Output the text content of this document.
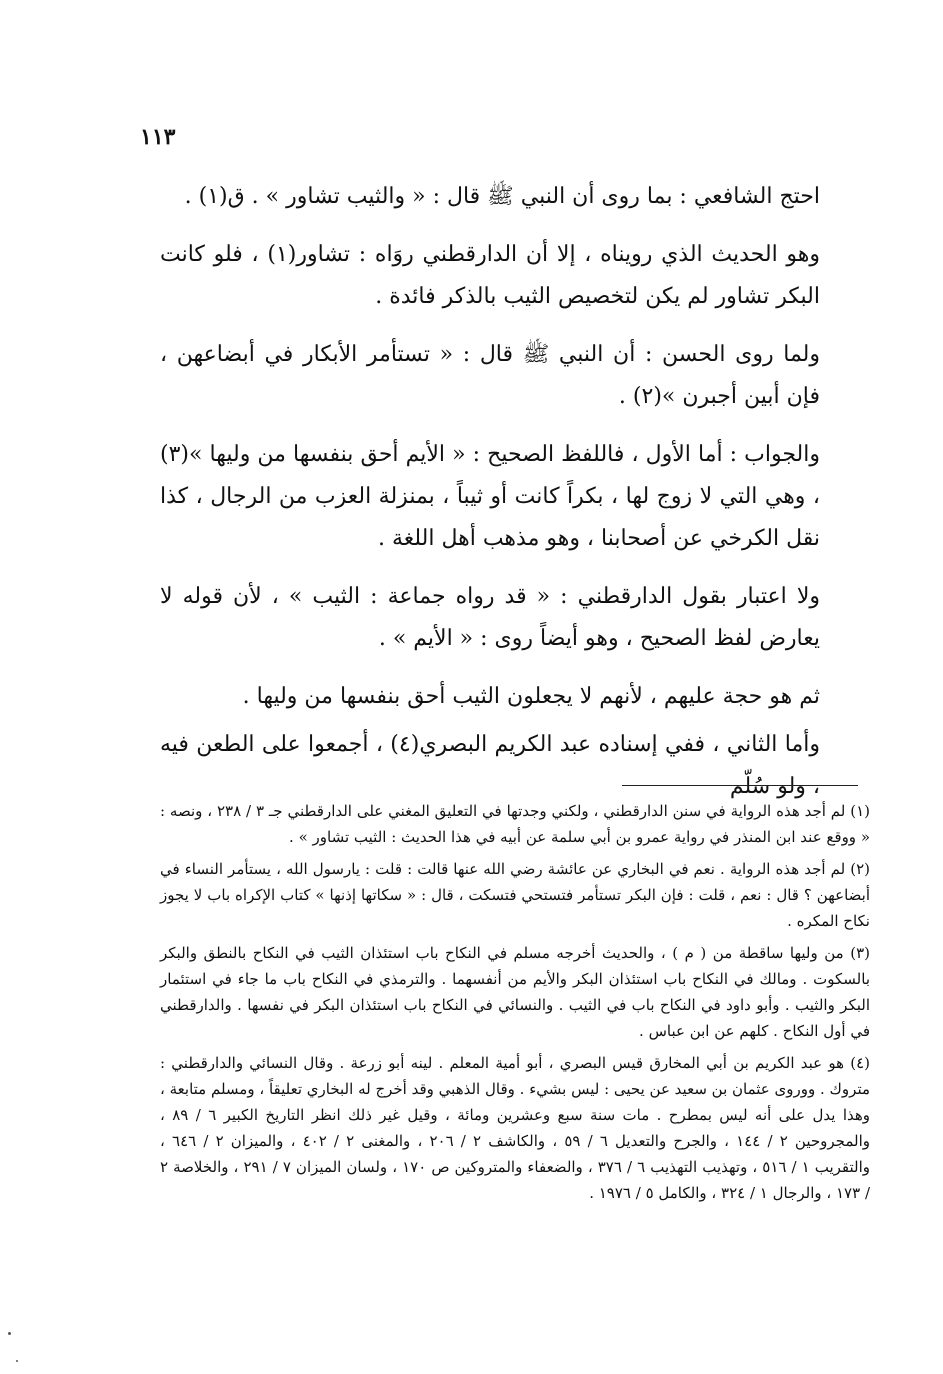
١١٣

احتج الشافعي : بما روى أن النبي ﷺ قال : « والثيب تشاور » . ق(١) .

وهو الحديث الذي رويناه ، إلا أن الدارقطني روَاه : تشاور(١) ، فلو كانت البكر تشاور لم يكن لتخصيص الثيب بالذكر فائدة .

ولما روى الحسن : أن النبي ﷺ قال : « تستأمر الأبكار في أبضاعهن ، فإن أبين أجبرن »(٢) .

والجواب : أما الأول ، فاللفظ الصحيح : « الأيم أحق بنفسها من وليها »(٣) ، وهي التي لا زوج لها ، بكراً كانت أو ثيباً ، بمنزلة العزب من الرجال ، كذا نقل الكرخي عن أصحابنا ، وهو مذهب أهل اللغة .

ولا اعتبار بقول الدارقطني : « قد رواه جماعة : الثيب » ، لأن قوله لا يعارض لفظ الصحيح ، وهو أيضاً روى : « الأيم » .

ثم هو حجة عليهم ، لأنهم لا يجعلون الثيب أحق بنفسها من وليها .

وأما الثاني ، ففي إسناده عبد الكريم البصري(٤) ، أجمعوا على الطعن فيه ، ولو سُلّم

(١) لم أجد هذه الرواية في سنن الدارقطني ، ولكني وجدتها في التعليق المغني على الدارقطني جـ ٣ / ٢٣٨ ، ونصه : « ووقع عند ابن المنذر في رواية عمرو بن أبي سلمة عن أبيه في هذا الحديث : الثيب تشاور » .

(٢) لم أجد هذه الرواية . نعم في البخاري عن عائشة رضي الله عنها قالت : قلت : يارسول الله ، يستأمر النساء في أبضاعهن ؟ قال : نعم ، قلت : فإن البكر تستأمر فتستحي فتسكت ، قال : « سكاتها إذنها » كتاب الإكراه باب لا يجوز نكاح المكره .

(٣) من وليها ساقطة من ( م ) ، والحديث أخرجه مسلم في النكاح باب استئذان الثيب في النكاح بالنطق والبكر بالسكوت . ومالك في النكاح باب استئذان البكر والأيم من أنفسهما . والترمذي في النكاح باب ما جاء في استئمار البكر والثيب . وأبو داود في النكاح باب في الثيب . والنسائي في النكاح باب استئذان البكر في نفسها . والدارقطني في أول النكاح . كلهم عن ابن عباس .

(٤) هو عبد الكريم بن أبي المخارق قيس البصري ، أبو أمية المعلم . لينه أبو زرعة . وقال النسائي والدارقطني : متروك . ووروى عثمان بن سعيد عن يحيى : ليس بشيء . وقال الذهبي وقد أخرج له البخاري تعليقاً ، ومسلم متابعة ، وهذا يدل على أنه ليس بمطرح . مات سنة سبع وعشرين ومائة ، وقيل غير ذلك انظر التاريخ الكبير ٦ / ٨٩ ، والمجروحين ٢ / ١٤٤ ، والجرح والتعديل ٦ / ٥٩ ، والكاشف ٢ / ٢٠٦ ، والمغنى ٢ / ٤٠٢ ، والميزان ٢ / ٦٤٦ ، والتقريب ١ / ٥١٦ ، وتهذيب التهذيب ٦ / ٣٧٦ ، والضعفاء والمتروكين ص ١٧٠ ، ولسان الميزان ٧ / ٢٩١ ، والخلاصة ٢ / ١٧٣ ، والرجال ١ / ٣٢٤ ، والكامل ٥ / ١٩٧٦ .
